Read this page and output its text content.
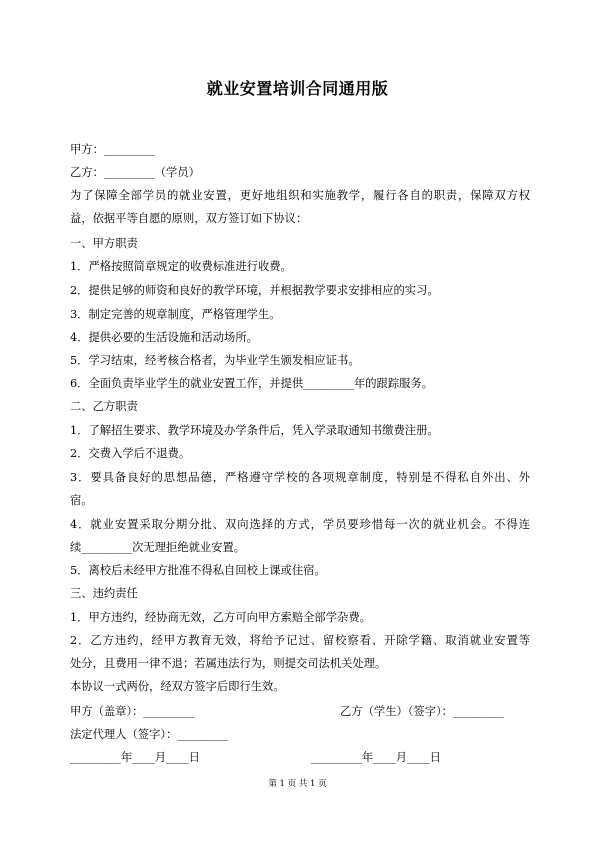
就业安置培训合同通用版
甲方：_________
乙方：_________（学员）
为了保障全部学员的就业安置，更好地组织和实施教学，履行各自的职责，保障双方权
益，依据平等自愿的原则，双方签订如下协议：
一、甲方职责
1．严格按照简章规定的收费标准进行收费。
2．提供足够的师资和良好的教学环境，并根据教学要求安排相应的实习。
3．制定完善的规章制度，严格管理学生。
4．提供必要的生活设施和活动场所。
5．学习结束，经考核合格者，为毕业学生颁发相应证书。
6．全面负责毕业学生的就业安置工作，并提供_________年的跟踪服务。
二、乙方职责
1．了解招生要求、教学环境及办学条件后，凭入学录取通知书缴费注册。
2．交费入学后不退费。
3．要具备良好的思想品德，严格遵守学校的各项规章制度，特别是不得私自外出、外
宿。
4．就业安置采取分期分批、双向选择的方式，学员要珍惜每一次的就业机会。不得连
续_________次无理拒绝就业安置。
5．离校后未经甲方批准不得私自回校上课或住宿。
三、违约责任
1．甲方违约，经协商无效，乙方可向甲方索赔全部学杂费。
2．乙方违约，经甲方教育无效，将给予记过、留校察看、开除学籍、取消就业安置等
处分，且费用一律不退；若属违法行为，则提交司法机关处理。
本协议一式两份，经双方签字后即行生效。
甲方（盖章）：_________	乙方（学生）（签字）：_________
法定代理人（签字）：_________
_________年____月____日	_________年____月____日
第 1 页 共 1 页
